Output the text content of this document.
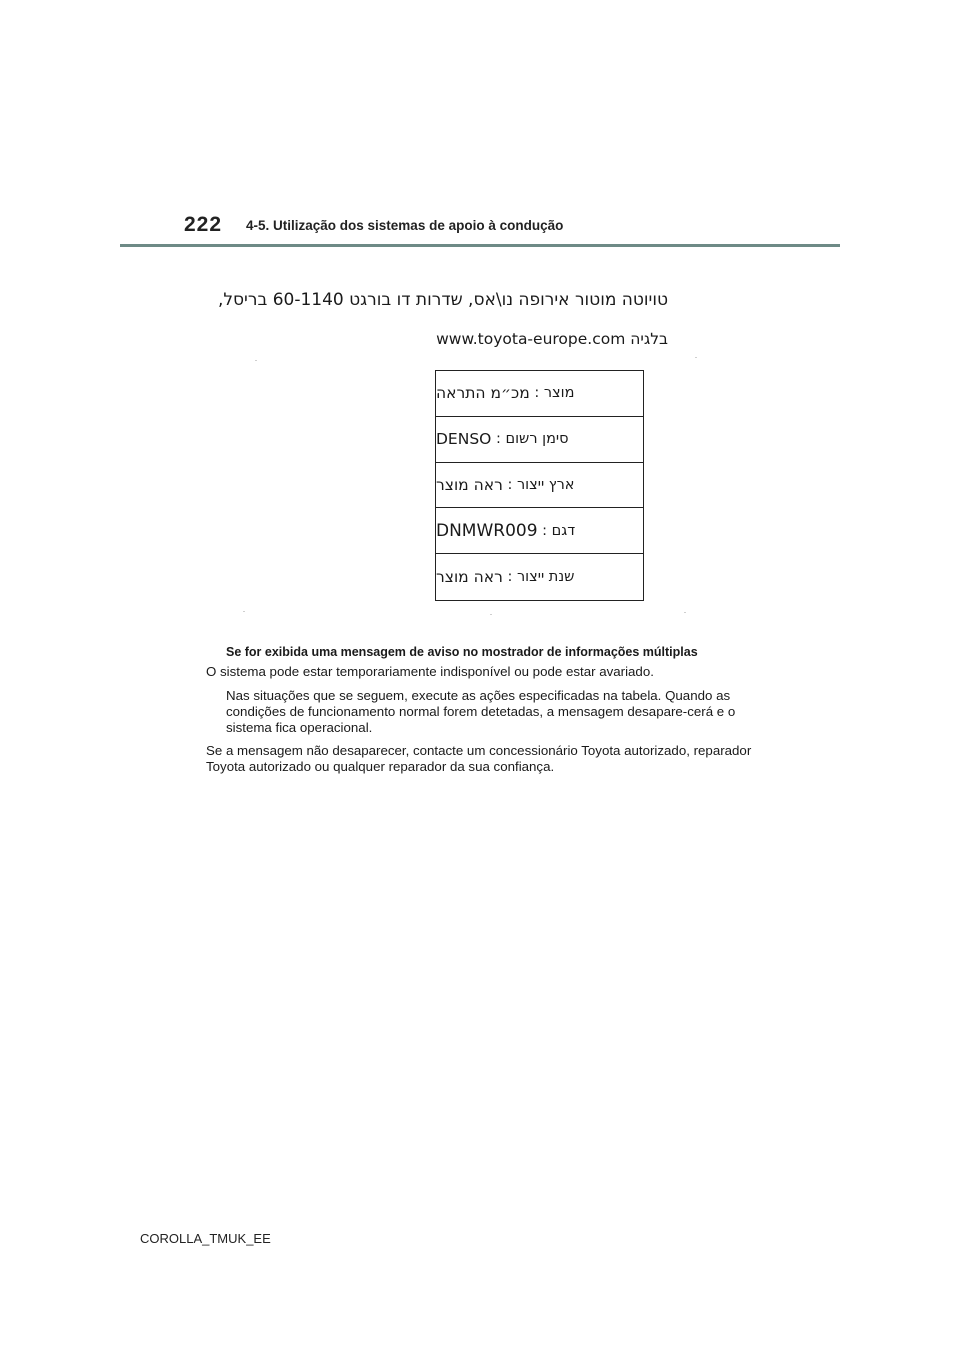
222 4-5. Utilização dos sistemas de apoio à condução
טויוטה מוטור אירופה נו\אס, שדרות דו בורגט 60-1140 בריסל,
בלגיה www.toyota-europe.com
מוצר :

מכ״מ התראה
סימן רשום :

DENSO
ארץ ייצור :

ראה מוצר
דגם :

DNMWR009
שנת ייצור :

ראה מוצר
Se for exibida uma mensagem de aviso no mostrador de informações múltiplas
O sistema pode estar temporariamente indisponível ou pode estar avariado.
Nas situações que se seguem, execute as ações especificadas na tabela. Quando as condições de funcionamento normal forem detetadas, a mensagem desapare-cerá e o sistema fica operacional.
Se a mensagem não desaparecer, contacte um concessionário Toyota autorizado, reparador Toyota autorizado ou qualquer reparador da sua confiança.
COROLLA_TMUK_EE
